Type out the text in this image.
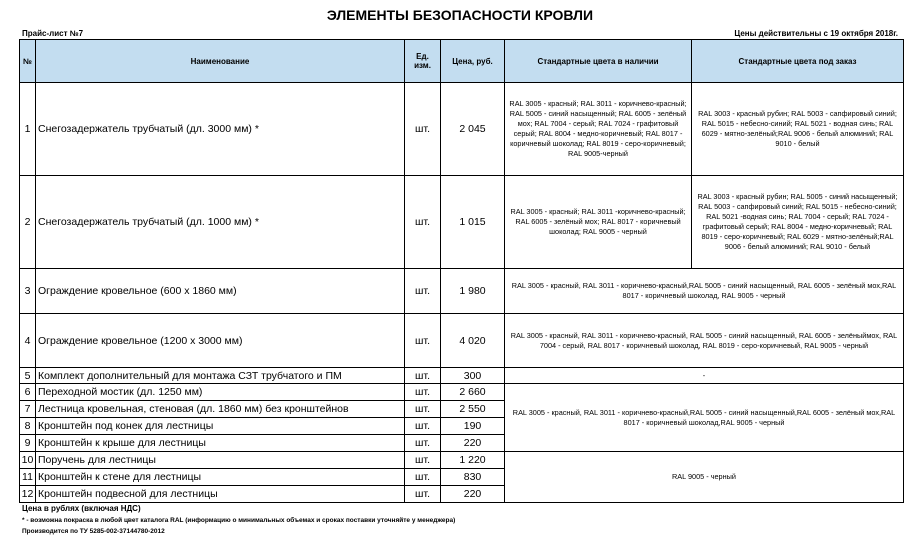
ЭЛЕМЕНТЫ БЕЗОПАСНОСТИ КРОВЛИ
Прайс-лист №7	Цены действительны с 19 октября 2018г.
№	Наименование	Ед. изм.	Цена, руб.	Стандартные цвета в наличии	Стандартные цвета под заказ
1	Снегозадержатель трубчатый (дл. 3000 мм) *	шт.	2 045	RAL 3005 - красный; RAL 3011 - коричнево-красный; RAL 5005 - синий насыщенный; RAL 6005 - зелёный мох; RAL 7004 - серый; RAL 7024 - графитовый серый; RAL 8004 - медно-коричневый; RAL 8017 - коричневый шоколад; RAL 8019 - серо-коричневый; RAL 9005-черный	RAL 3003 - красный рубин; RAL 5003 - сапфировый синий; RAL 5015 - небесно-синий; RAL 5021 - водная синь; RAL 6029 - мятно-зелёный;RAL 9006 - белый алюминий; RAL 9010 - белый
2	Снегозадержатель трубчатый (дл. 1000 мм) *	шт.	1 015	RAL 3005 - красный; RAL 3011 -коричнево-красный; RAL 6005 - зелёный мох; RAL 8017 - коричневый шоколад; RAL 9005 - черный	RAL 3003 - красный рубин; RAL 5005 - синий насыщенный; RAL 5003 - сапфировый синий; RAL 5015 - небесно-синий; RAL 5021 -водная синь; RAL 7004 - серый; RAL 7024 - графитовый серый; RAL 8004 - медно-коричневый; RAL 8019 - серо-коричневый; RAL 6029 - мятно-зелёный;RAL 9006 - белый алюминий; RAL 9010 - белый
3	Ограждение кровельное (600 х 1860 мм)	шт.	1 980	RAL 3005 - красный, RAL 3011 - коричнево-красный,RAL 5005 - синий насыщенный, RAL 6005 - зелёный мох,RAL 8017 - коричневый шоколад, RAL 9005 - черный	
4	Ограждение кровельное (1200 х 3000 мм)	шт.	4 020	RAL 3005 - красный, RAL 3011 - коричнево-красный, RAL 5005 - синий насыщенный, RAL 6005 - зелёныймох, RAL 7004 - серый, RAL 8017 - коричневый шоколад, RAL 8019 - серо-коричневый, RAL 9005 - черный	
5	Комплект дополнительный для монтажа СЗТ трубчатого и ПМ	шт.	300	-	
6	Переходной мостик (дл. 1250 мм)	шт.	2 660	RAL 3005 - красный, RAL 3011 - коричнево-красный,RAL 5005 - синий насыщенный,RAL 6005 - зелёный мох,RAL 8017 - коричневый шоколад,RAL 9005 - черный	
7	Лестница кровельная, стеновая (дл. 1860 мм) без кронштейнов	шт.	2 550		
8	Кронштейн под конек для лестницы	шт.	190		
9	Кронштейн к крыше для лестницы	шт.	220		
10	Поручень для лестницы	шт.	1 220	RAL 9005 - черный	
11	Кронштейн к стене для лестницы	шт.	830		
12	Кронштейн подвесной для лестницы	шт.	220		
Цена в рублях (включая НДС)
* - возможна покраска в любой цвет каталога RAL (информацию о минимальных объемах и сроках поставки уточняйте у менеджера)
Производится по ТУ 5285-002-37144780-2012
